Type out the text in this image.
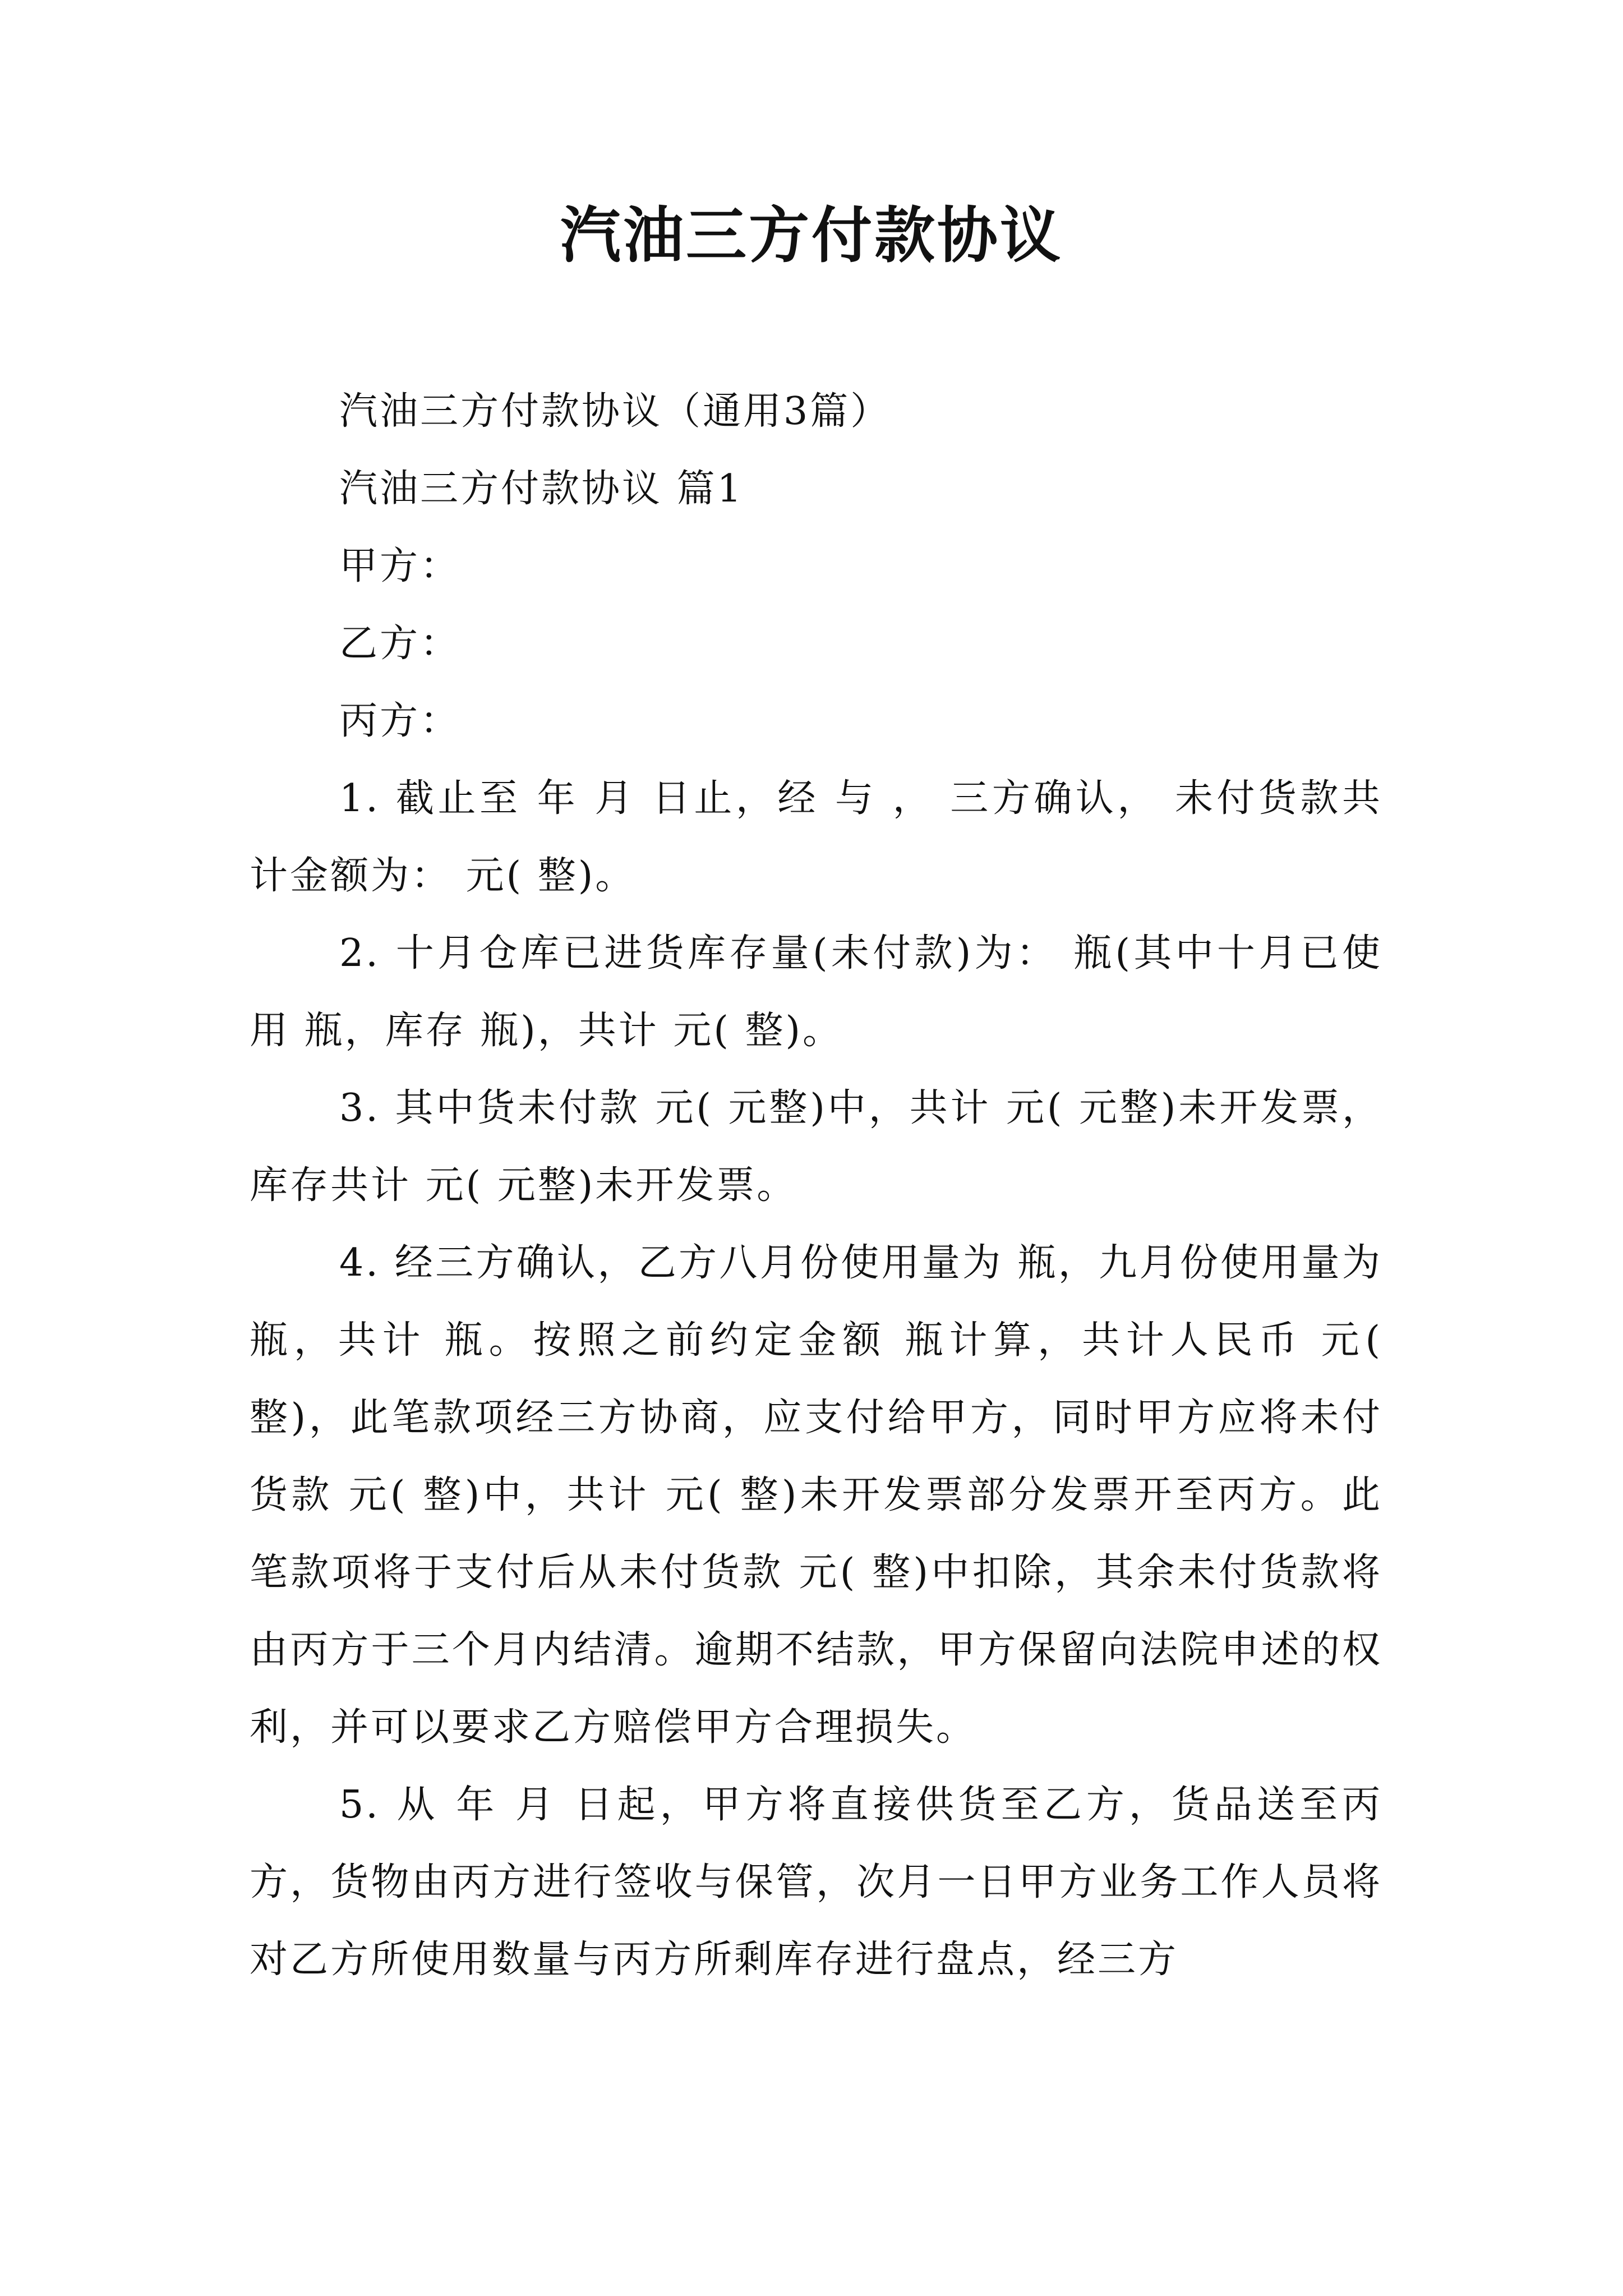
汽油三方付款协议

汽油三方付款协议（通用3篇）

汽油三方付款协议 篇1

甲方：

乙方：

丙方：

1. 截止至 年 月 日止，经 与 ， 三方确认， 未付货款共计金额为： 元( 整)。

2. 十月仓库已进货库存量(未付款)为： 瓶(其中十月已使用 瓶，库存 瓶)，共计 元( 整)。

3. 其中货未付款 元( 元整)中，共计 元( 元整)未开发票，库存共计 元( 元整)未开发票。

4. 经三方确认，乙方八月份使用量为 瓶，九月份使用量为 瓶，共计 瓶。按照之前约定金额 瓶计算，共计人民币 元( 整)，此笔款项经三方协商，应支付给甲方，同时甲方应将未付货款 元( 整)中，共计 元( 整)未开发票部分发票开至丙方。此笔款项将于支付后从未付货款 元( 整)中扣除，其余未付货款将由丙方于三个月内结清。逾期不结款，甲方保留向法院申述的权利，并可以要求乙方赔偿甲方合理损失。

5. 从 年 月 日起，甲方将直接供货至乙方，货品送至丙方，货物由丙方进行签收与保管，次月一日甲方业务工作人员将对乙方所使用数量与丙方所剩库存进行盘点，经三方
